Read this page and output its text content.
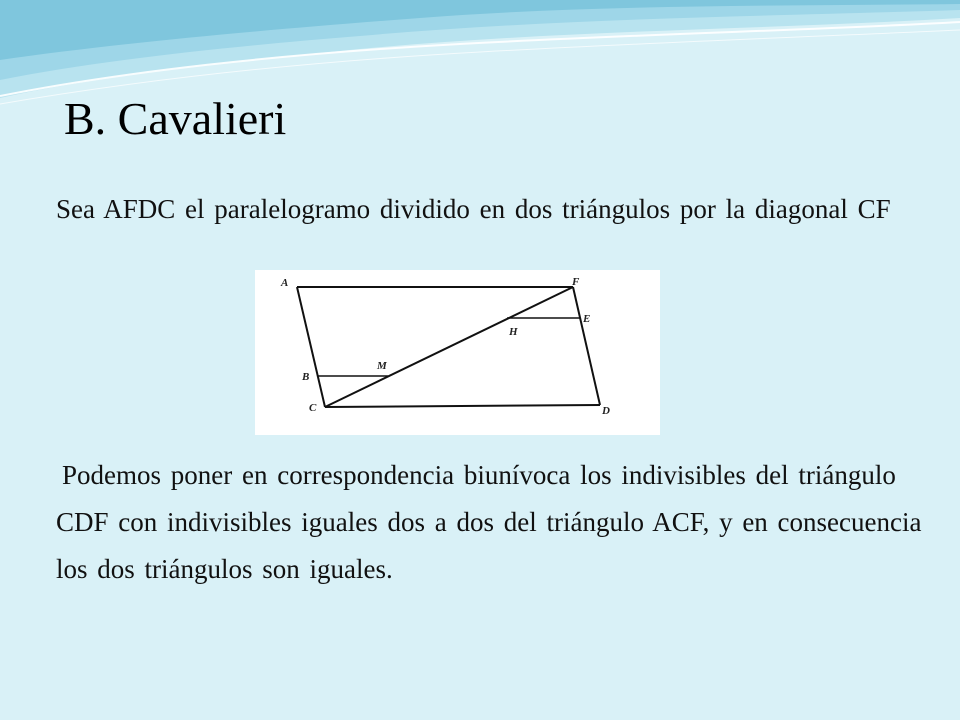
B. Cavalieri

Sea AFDC el paralelogramo dividido en dos triángulos por la diagonal CF

A	F
E
H
M
B
C	D

Podemos poner en correspondencia biunívoca los indivisibles del triángulo CDF con indivisibles iguales dos a dos del triángulo ACF, y en consecuencia los dos triángulos son iguales.
